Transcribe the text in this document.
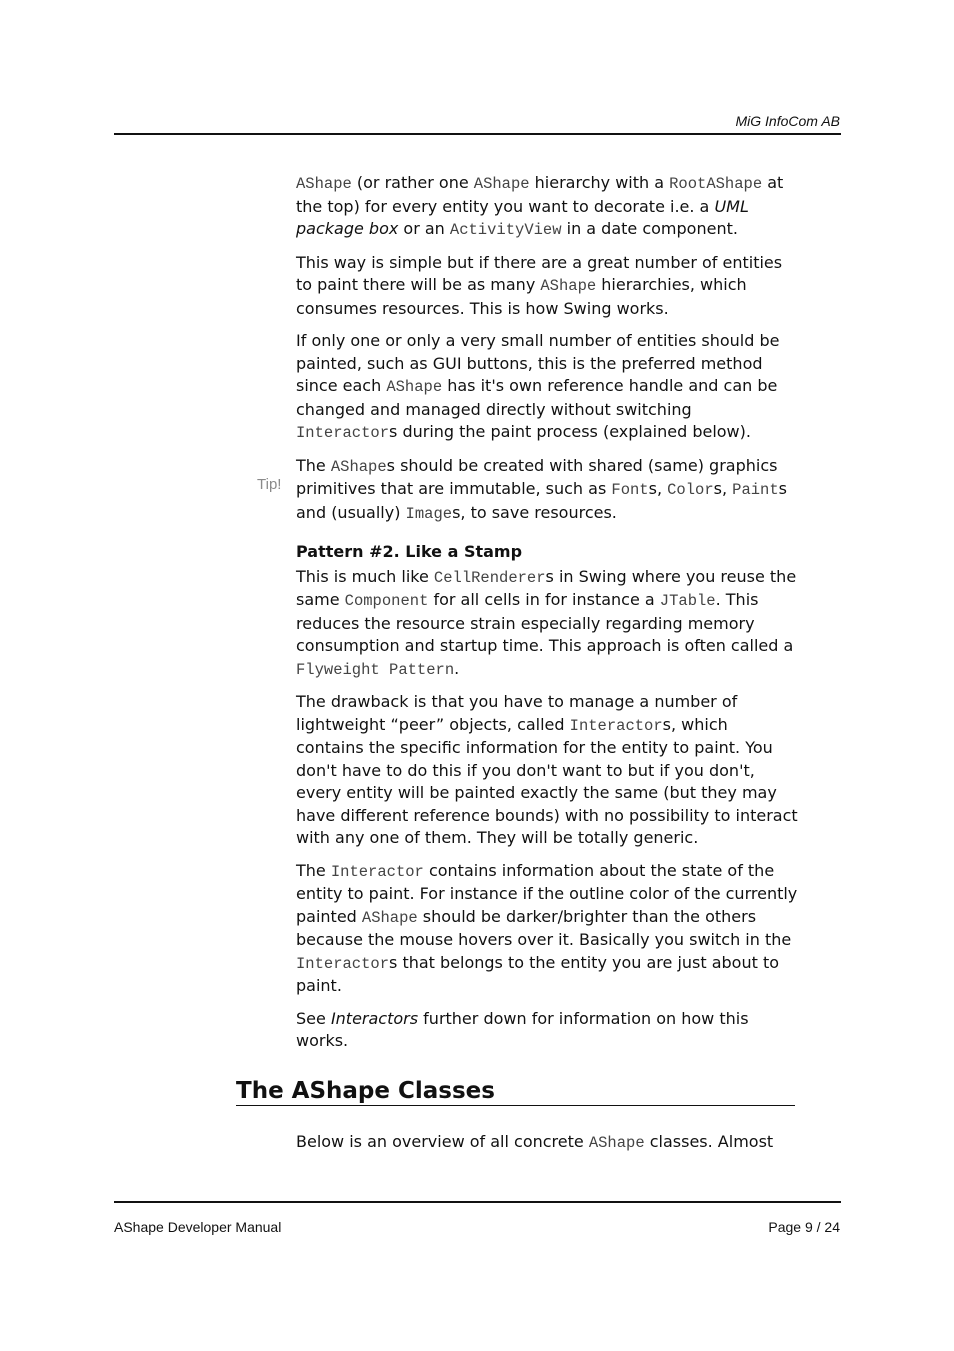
MiG InfoCom AB
Tip!

AShape (or rather one AShape hierarchy with a RootAShape at the top) for every entity you want to decorate i.e. a UML package box or an ActivityView in a date component.

This way is simple but if there are a great number of entities to paint there will be as many AShape hierarchies, which consumes resources. This is how Swing works.

If only one or only a very small number of entities should be painted, such as GUI buttons, this is the preferred method since each AShape has it's own reference handle and can be changed and managed directly without switching Interactors during the paint process (explained below).

The AShapes should be created with shared (same) graphics primitives that are immutable, such as Fonts, Colors, Paints and (usually) Images, to save resources.

Pattern #2. Like a Stamp

This is much like CellRenderers in Swing where you reuse the same Component for all cells in for instance a JTable. This reduces the resource strain especially regarding memory consumption and startup time. This approach is often called a Flyweight Pattern.

The drawback is that you have to manage a number of lightweight “peer” objects, called Interactors, which contains the specific information for the entity to paint. You don't have to do this if you don't want to but if you don't, every entity will be painted exactly the same (but they may have different reference bounds) with no possibility to interact with any one of them. They will be totally generic.

The Interactor contains information about the state of the entity to paint. For instance if the outline color of the currently painted AShape should be darker/brighter than the others because the mouse hovers over it. Basically you switch in the Interactors that belongs to the entity you are just about to paint.

See Interactors further down for information on how this works.

The AShape Classes
Below is an overview of all concrete AShape classes. Almost
AShape Developer Manual	Page 9 / 24
